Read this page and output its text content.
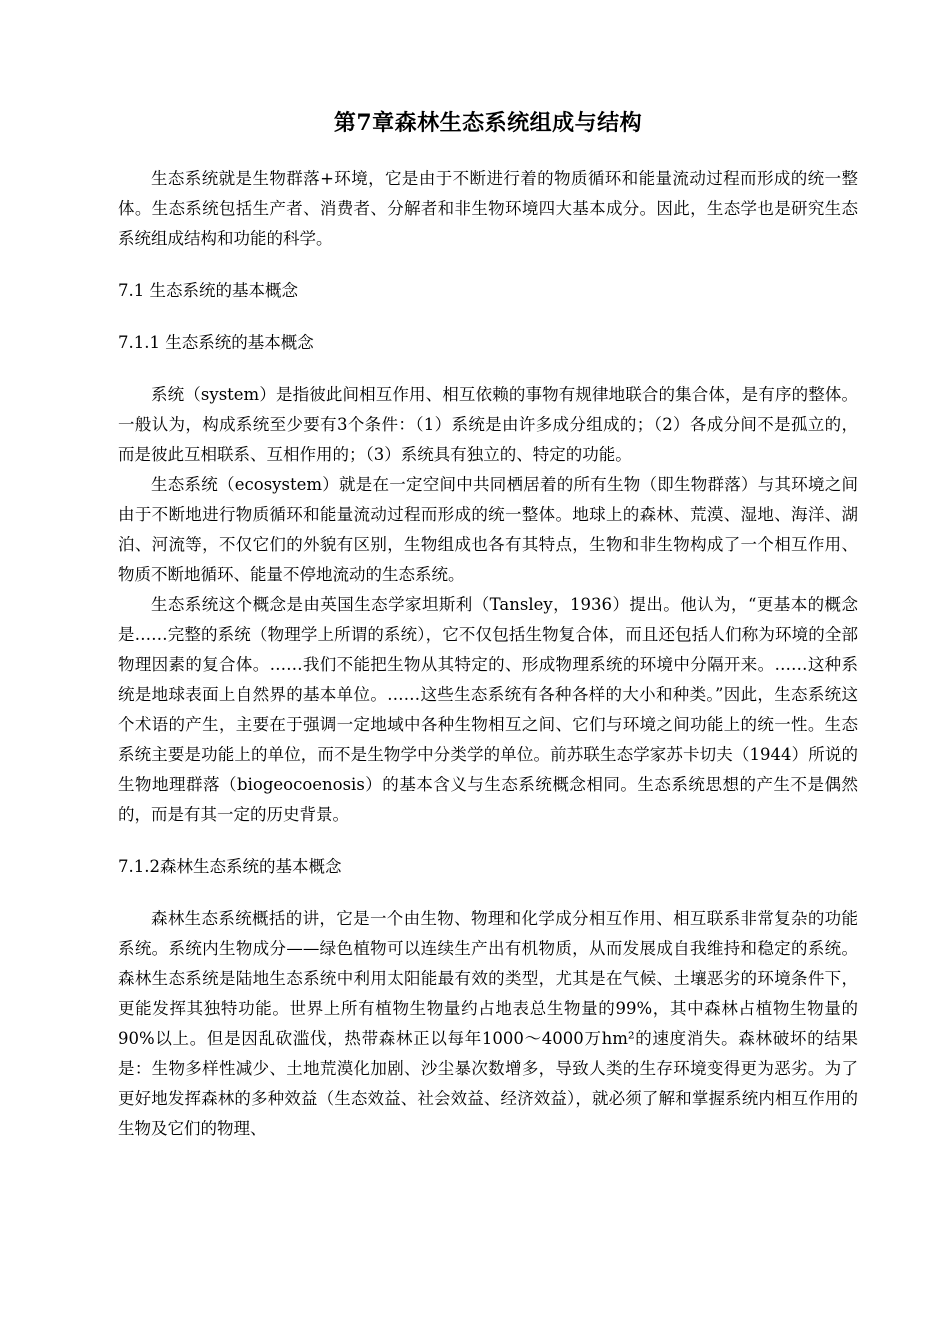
第7章森林生态系统组成与结构

生态系统就是生物群落+环境，它是由于不断进行着的物质循环和能量流动过程而形成的统一整体。生态系统包括生产者、消费者、分解者和非生物环境四大基本成分。因此，生态学也是研究生态系统组成结构和功能的科学。

7.1 生态系统的基本概念

7.1.1 生态系统的基本概念

系统（system）是指彼此间相互作用、相互依赖的事物有规律地联合的集合体，是有序的整体。一般认为，构成系统至少要有3个条件：（1）系统是由许多成分组成的；（2）各成分间不是孤立的，而是彼此互相联系、互相作用的；（3）系统具有独立的、特定的功能。

生态系统（ecosystem）就是在一定空间中共同栖居着的所有生物（即生物群落）与其环境之间由于不断地进行物质循环和能量流动过程而形成的统一整体。地球上的森林、荒漠、湿地、海洋、湖泊、河流等，不仅它们的外貌有区别，生物组成也各有其特点，生物和非生物构成了一个相互作用、物质不断地循环、能量不停地流动的生态系统。

生态系统这个概念是由英国生态学家坦斯利（Tansley，1936）提出。他认为，“更基本的概念是……完整的系统（物理学上所谓的系统），它不仅包括生物复合体，而且还包括人们称为环境的全部物理因素的复合体。……我们不能把生物从其特定的、形成物理系统的环境中分隔开来。……这种系统是地球表面上自然界的基本单位。……这些生态系统有各种各样的大小和种类。”因此，生态系统这个术语的产生，主要在于强调一定地域中各种生物相互之间、它们与环境之间功能上的统一性。生态系统主要是功能上的单位，而不是生物学中分类学的单位。前苏联生态学家苏卡切夫（1944）所说的生物地理群落（biogeocoenosis）的基本含义与生态系统概念相同。生态系统思想的产生不是偶然的，而是有其一定的历史背景。

7.1.2森林生态系统的基本概念

森林生态系统概括的讲，它是一个由生物、物理和化学成分相互作用、相互联系非常复杂的功能系统。系统内生物成分——绿色植物可以连续生产出有机物质，从而发展成自我维持和稳定的系统。森林生态系统是陆地生态系统中利用太阳能最有效的类型，尤其是在气候、土壤恶劣的环境条件下，更能发挥其独特功能。世界上所有植物生物量约占地表总生物量的99%，其中森林占植物生物量的90%以上。但是因乱砍滥伐，热带森林正以每年1000～4000万hm²的速度消失。森林破坏的结果是：生物多样性减少、土地荒漠化加剧、沙尘暴次数增多，导致人类的生存环境变得更为恶劣。为了更好地发挥森林的多种效益（生态效益、社会效益、经济效益），就必须了解和掌握系统内相互作用的生物及它们的物理、
